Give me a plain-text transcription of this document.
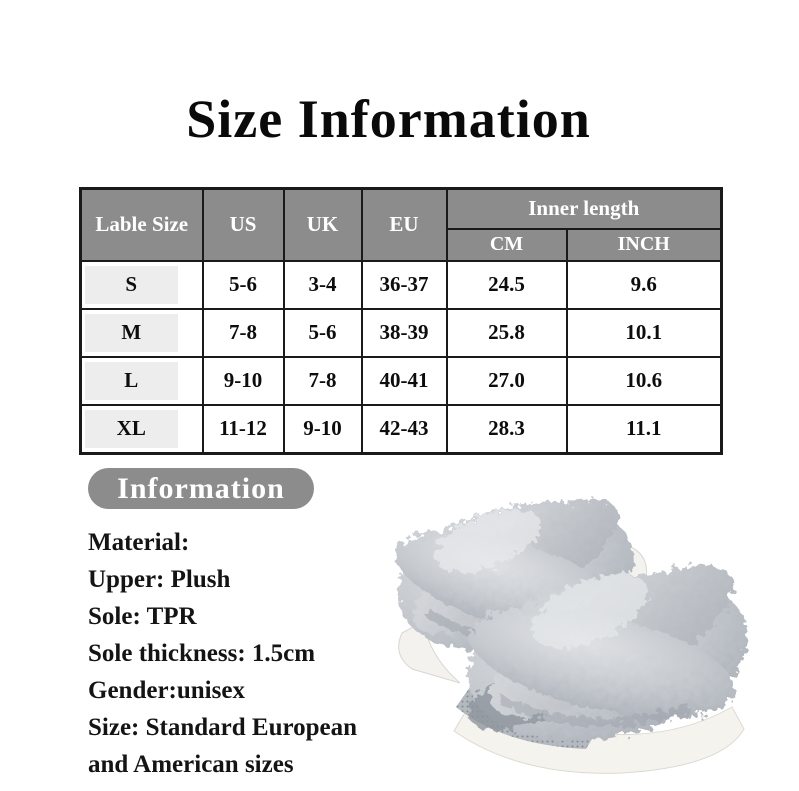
Size Information
Lable Size	US	UK	EU	Inner length	
				CM	INCH

S	5-6	3-4	36-37	24.5	9.6

M	7-8	5-6	38-39	25.8	10.1

L	9-10	7-8	40-41	27.0	10.6

XL	11-12	9-10	42-43	28.3	11.1
Information
Material:
Upper: Plush
Sole: TPR
Sole thickness: 1.5cm
Gender:unisex
Size: Standard European
and American sizes
